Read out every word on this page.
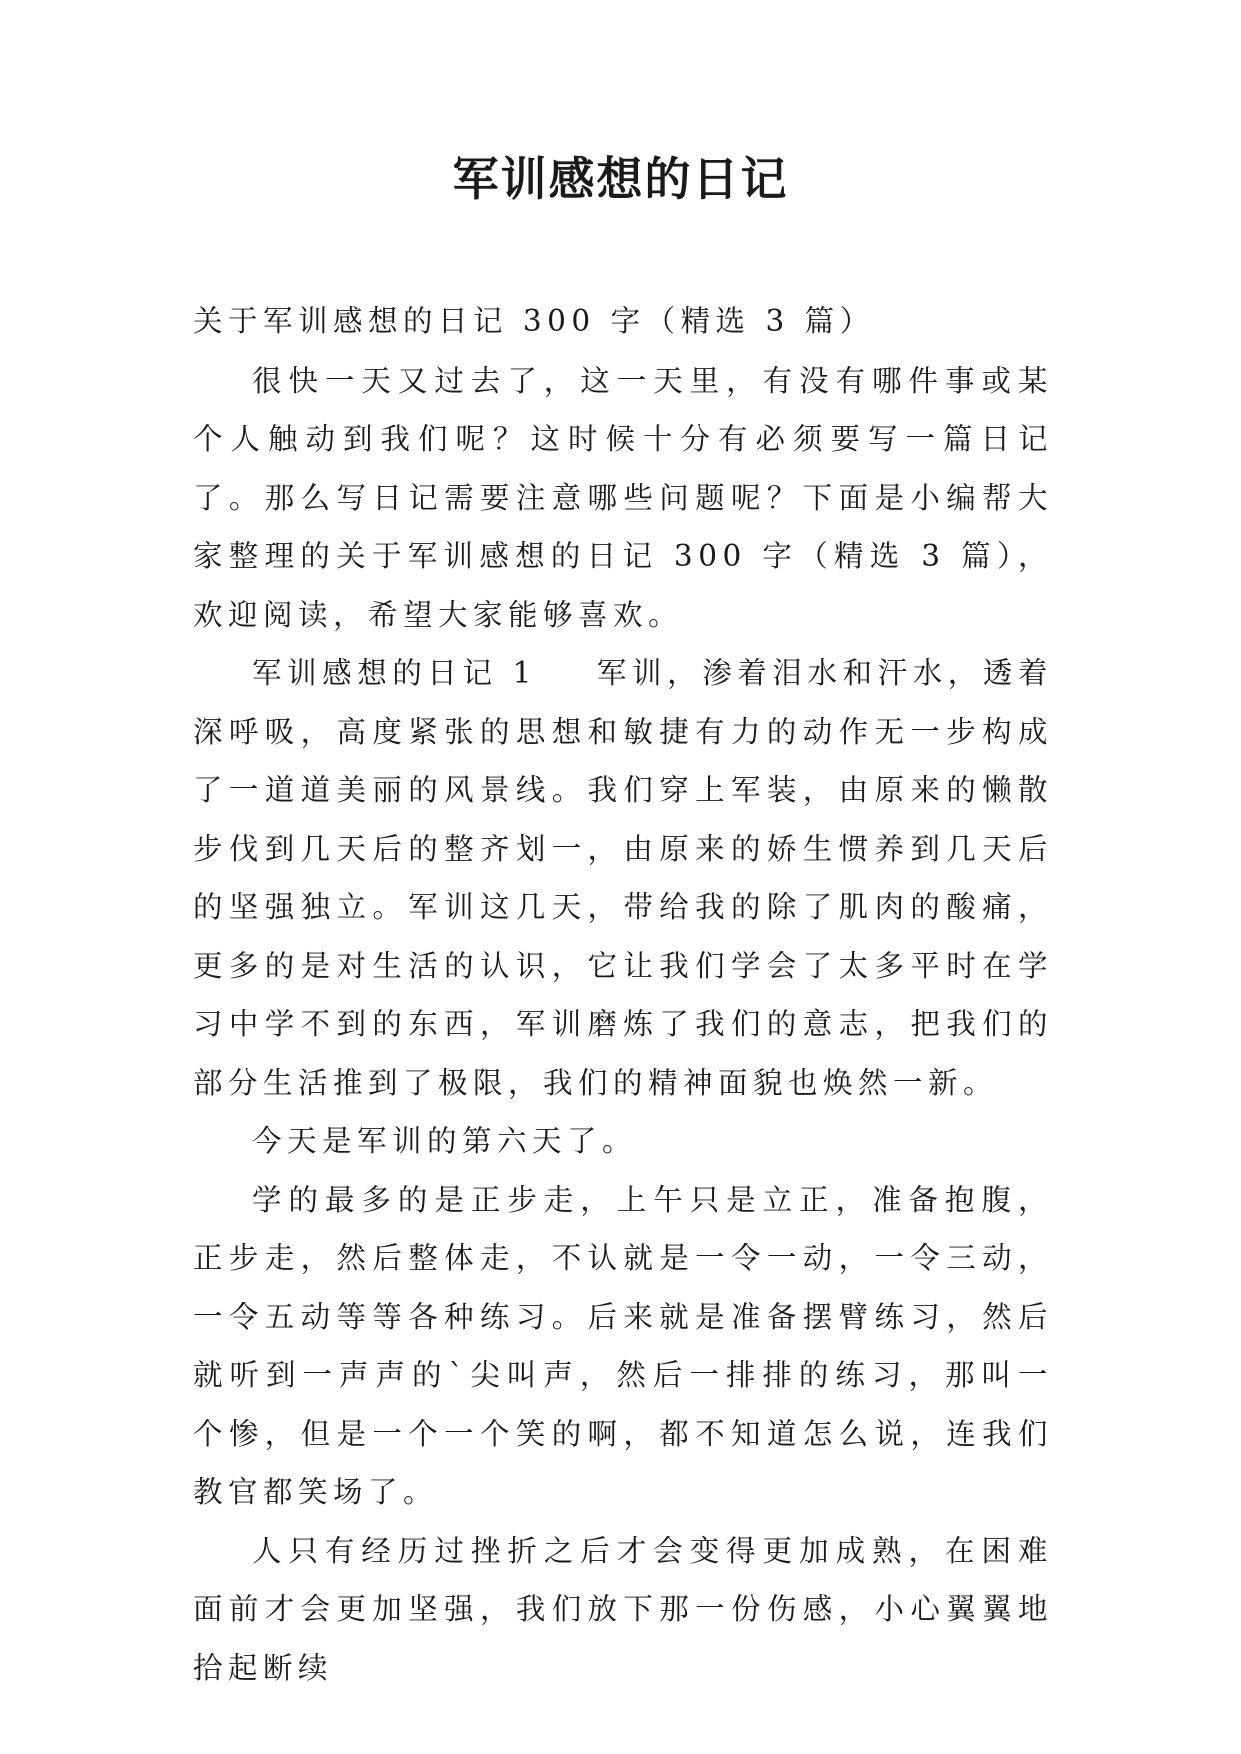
军训感想的日记

关于军训感想的日记 300 字（精选 3 篇）

很快一天又过去了，这一天里，有没有哪件事或某个人触动到我们呢？这时候十分有必须要写一篇日记了。那么写日记需要注意哪些问题呢？下面是小编帮大家整理的关于军训感想的日记 300 字（精选 3 篇），欢迎阅读，希望大家能够喜欢。

军训感想的日记 1 军训，渗着泪水和汗水，透着深呼吸，高度紧张的思想和敏捷有力的动作无一步构成了一道道美丽的风景线。我们穿上军装，由原来的懒散步伐到几天后的整齐划一，由原来的娇生惯养到几天后的坚强独立。军训这几天，带给我的除了肌肉的酸痛，更多的是对生活的认识，它让我们学会了太多平时在学习中学不到的东西，军训磨炼了我们的意志，把我们的部分生活推到了极限，我们的精神面貌也焕然一新。

今天是军训的第六天了。

学的最多的是正步走，上午只是立正，准备抱腹，正步走，然后整体走，不认就是一令一动，一令三动，一令五动等等各种练习。后来就是准备摆臂练习，然后就听到一声声的`尖叫声，然后一排排的练习，那叫一个惨，但是一个一个笑的啊，都不知道怎么说，连我们教官都笑场了。

人只有经历过挫折之后才会变得更加成熟，在困难面前才会更加坚强，我们放下那一份伤感，小心翼翼地拾起断续
